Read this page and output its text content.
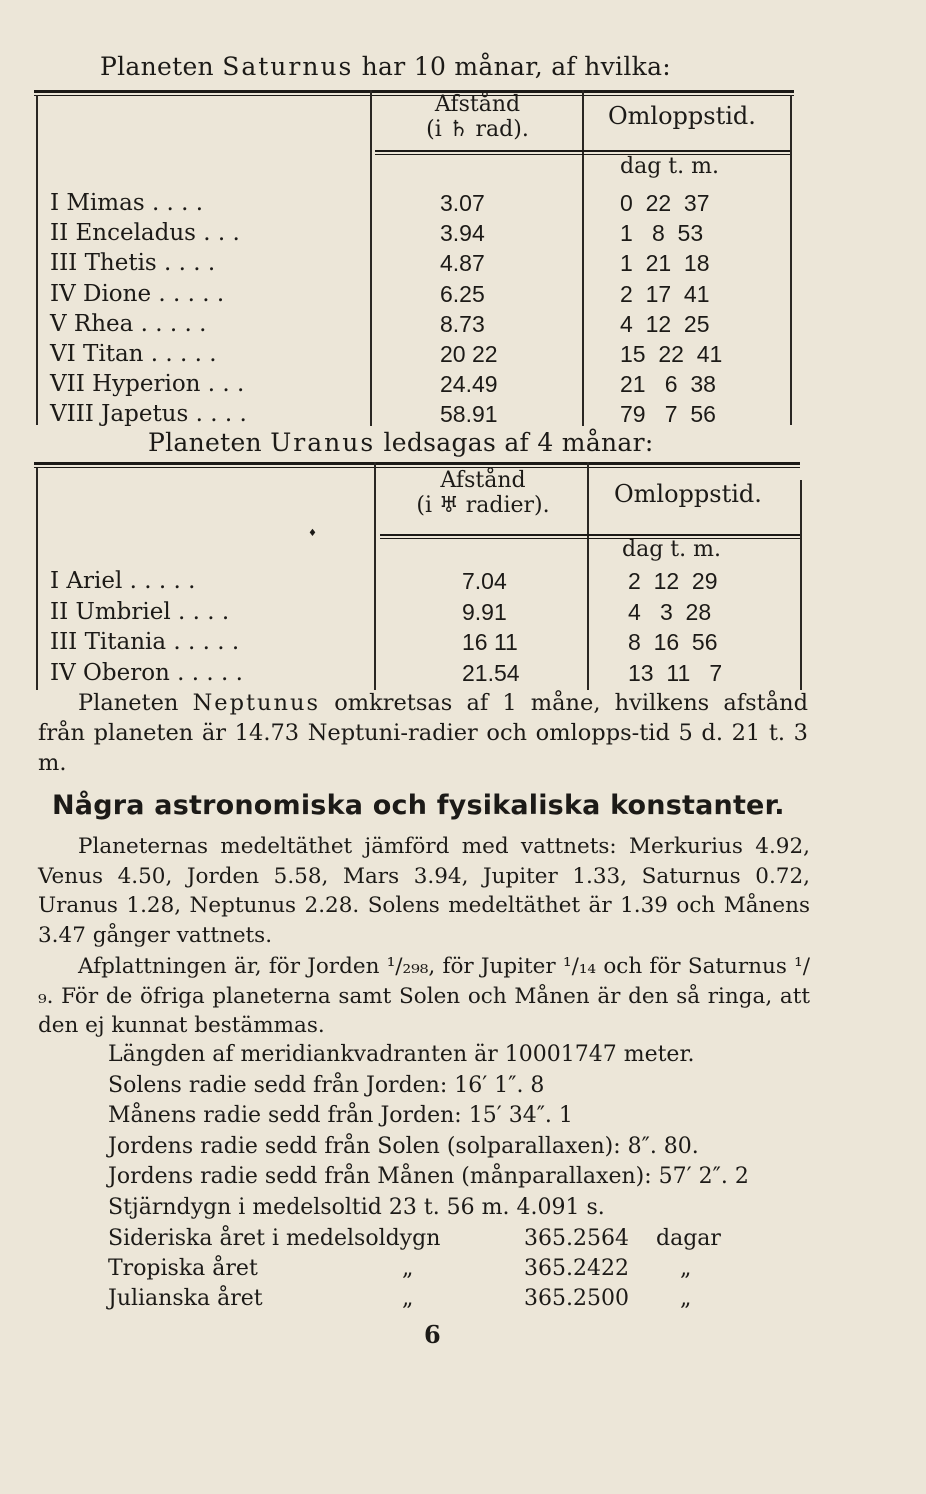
Planeten Saturnus har 10 månar, af hvilka:
Afstånd
(i ♄ rad).	Omloppstid.
dag t. m.
I Mimas . . . .	3.07	0  22  37
II Enceladus . . .	3.94	1   8  53
III Thetis . . . .	4.87	1  21  18
IV Dione . . . . .	6.25	2  17  41
V Rhea . . . . .	8.73	4  12  25
VI Titan . . . . .	20 22	15  22  41
VII Hyperion . . .	24.49	21   6  38
VIII Japetus . . . .	58.91	79   7  56
Planeten Uranus ledsagas af 4 månar:
♦
Afstånd
(i ♅ radier).	Omloppstid.
dag t. m.
I Ariel . . . . .	7.04	2  12  29
II Umbriel . . . .	9.91	4   3  28
III Titania . . . . .	16 11	8  16  56
IV Oberon . . . . .	21.54	13  11   7

Planeten Neptunus omkretsas af 1 måne, hvilkens afstånd från planeten är 14.73 Neptuni-radier och omlopps-tid 5 d. 21 t. 3 m.

Några astronomiska och fysikaliska konstanter.

Planeternas medeltäthet jämförd med vattnets: Merkurius 4.92, Venus 4.50, Jorden 5.58, Mars 3.94, Jupiter 1.33, Saturnus 0.72, Uranus 1.28, Neptunus 2.28. Solens medeltäthet är 1.39 och Månens 3.47 gånger vattnets.

Afplattningen är, för Jorden ¹/₂₉₈, för Jupiter ¹/₁₄ och för Saturnus ¹/₉. För de öfriga planeterna samt Solen och Månen är den så ringa, att den ej kunnat bestämmas.

Längden af meridiankvadranten är 10001747 meter.
Solens radie sedd från Jorden: 16′ 1″. 8
Månens radie sedd från Jorden: 15′ 34″. 1
Jordens radie sedd från Solen (solparallaxen): 8″. 80.
Jordens radie sedd från Månen (månparallaxen): 57′ 2″. 2
Stjärndygn i medelsoltid 23 t. 56 m. 4.091 s.
Sideriska året i medelsoldygn	365.2564 dagar
Tropiska året	„	365.2422 „
Julianska året	„	365.2500 „
6
